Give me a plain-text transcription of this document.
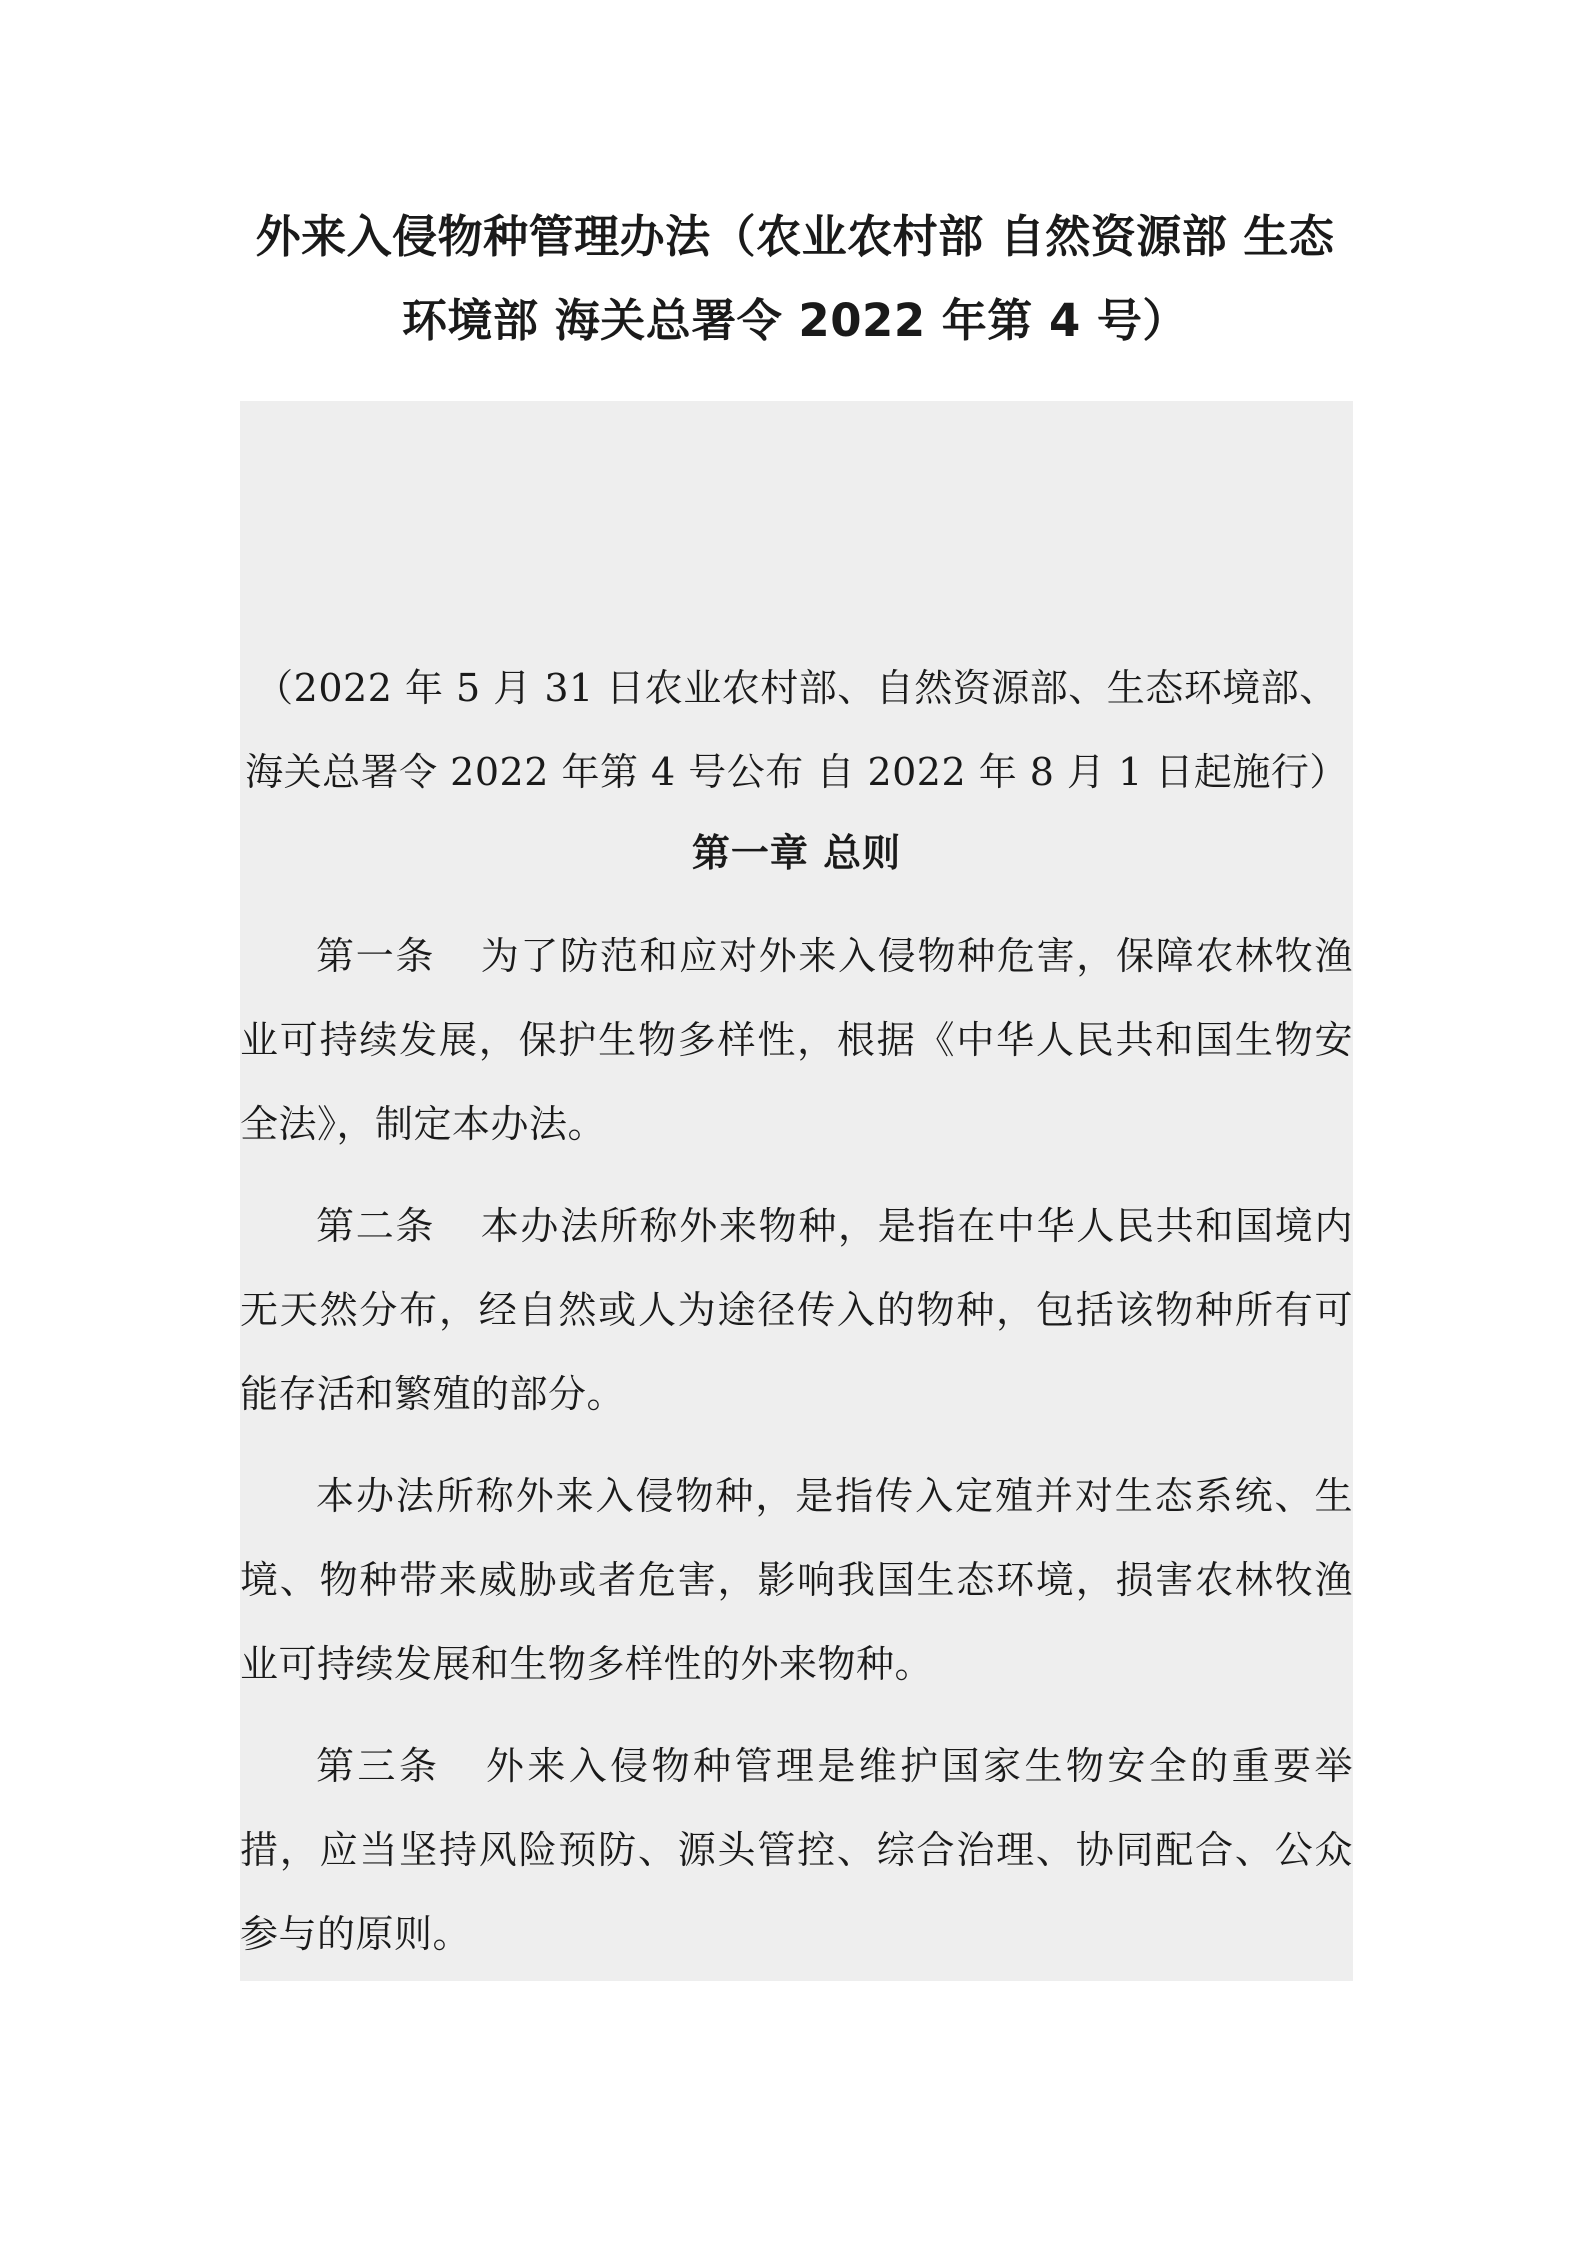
外来入侵物种管理办法（农业农村部 自然资源部 生态环境部 海关总署令 2022 年第 4 号）

（2022 年 5 月 31 日农业农村部、自然资源部、生态环境部、海关总署令 2022 年第 4 号公布 自 2022 年 8 月 1 日起施行）

第一章 总则

第一条 为了防范和应对外来入侵物种危害，保障农林牧渔业可持续发展，保护生物多样性，根据《中华人民共和国生物安全法》，制定本办法。

第二条 本办法所称外来物种，是指在中华人民共和国境内无天然分布，经自然或人为途径传入的物种，包括该物种所有可能存活和繁殖的部分。

本办法所称外来入侵物种，是指传入定殖并对生态系统、生境、物种带来威胁或者危害，影响我国生态环境，损害农林牧渔业可持续发展和生物多样性的外来物种。

第三条 外来入侵物种管理是维护国家生物安全的重要举措，应当坚持风险预防、源头管控、综合治理、协同配合、公众参与的原则。
